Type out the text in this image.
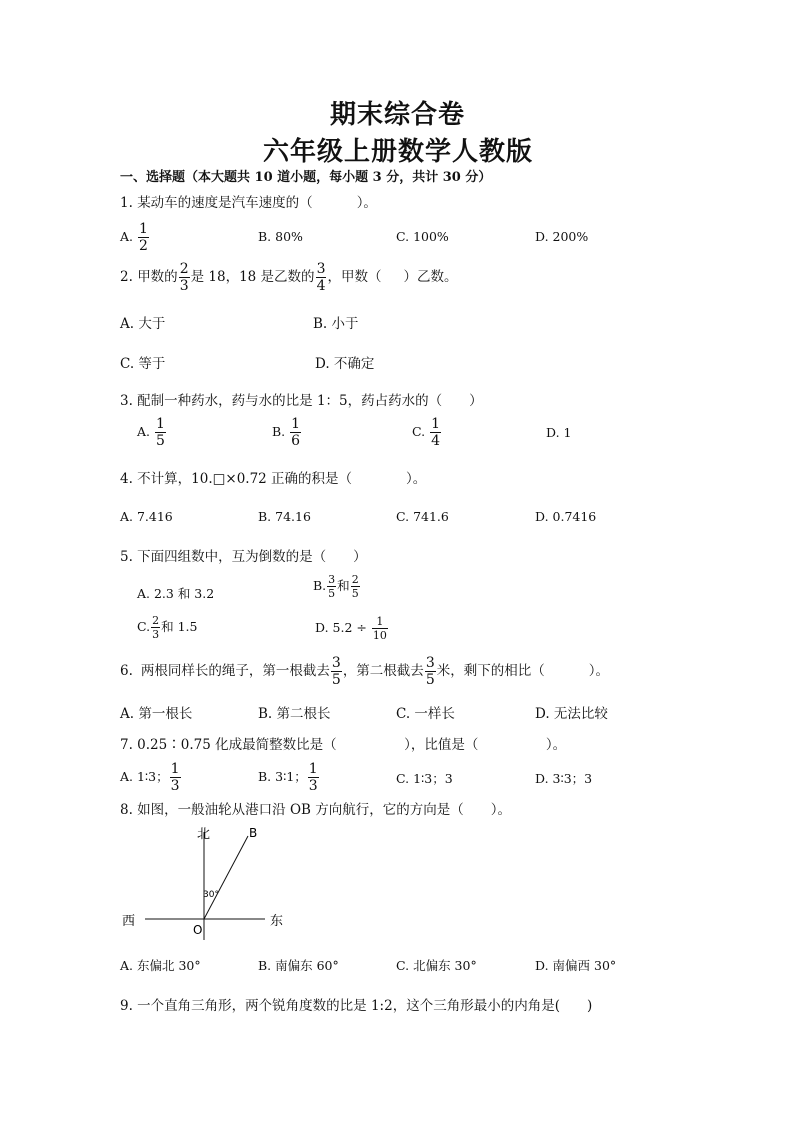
期末综合卷
六年级上册数学人教版
一、选择题（本大题共 10 道小题，每小题 3 分，共计 30 分）
1. 某动车的速度是汽车速度的（	）。
A. $\frac{1}{2}$	B. 80%	C. 100%	D. 200%
2. 甲数的 $\frac{2}{3}$ 是 18，18 是乙数的 $\frac{3}{4}$ ，甲数（ ）乙数。
A. 大于	B. 小于
C. 等于	D. 不确定
3. 配制一种药水，药与水的比是 1：5，药占药水的（　　）
A. $\frac{1}{5}$	B. $\frac{1}{6}$	C. $\frac{1}{4}$	D. 1
4. 不计算，10.□×0.72 正确的积是（　　　　）。
A. 7.416	B. 74.16	C. 741.6	D. 0.7416
5. 下面四组数中，互为倒数的是（　　）
A. 2.3 和 3.2
B. $\frac{3}{5}$ 和 $\frac{2}{5}$
C. $\frac{2}{3}$ 和 1.5	D. $5.2 \div \frac{1}{10}$
6. 两根同样长的绳子，第一根截去 $\frac{3}{5}$ ，第二根截去 $\frac{3}{5}$ 米，剩下的相比（	）。
A. 第一根长	B. 第二根长	C. 一样长	D. 无法比较
7. 0.25∶0.75 化成最简整数比是（　　　　　），比值是（　　　　　）。
A. 1∶3； $\frac{1}{3}$	B. 3∶1； $\frac{1}{3}$	C. 1∶3；3	D. 3∶3；3
8. 如图，一般油轮从港口沿 OB 方向航行，它的方向是（　　）。
北	B
西	东
O
30°
A. 东偏北 30°	B. 南偏东 60°	C. 北偏东 30°	D. 南偏西 30°
9. 一个直角三角形，两个锐角度数的比是 1:2，这个三角形最小的内角是(　　)
